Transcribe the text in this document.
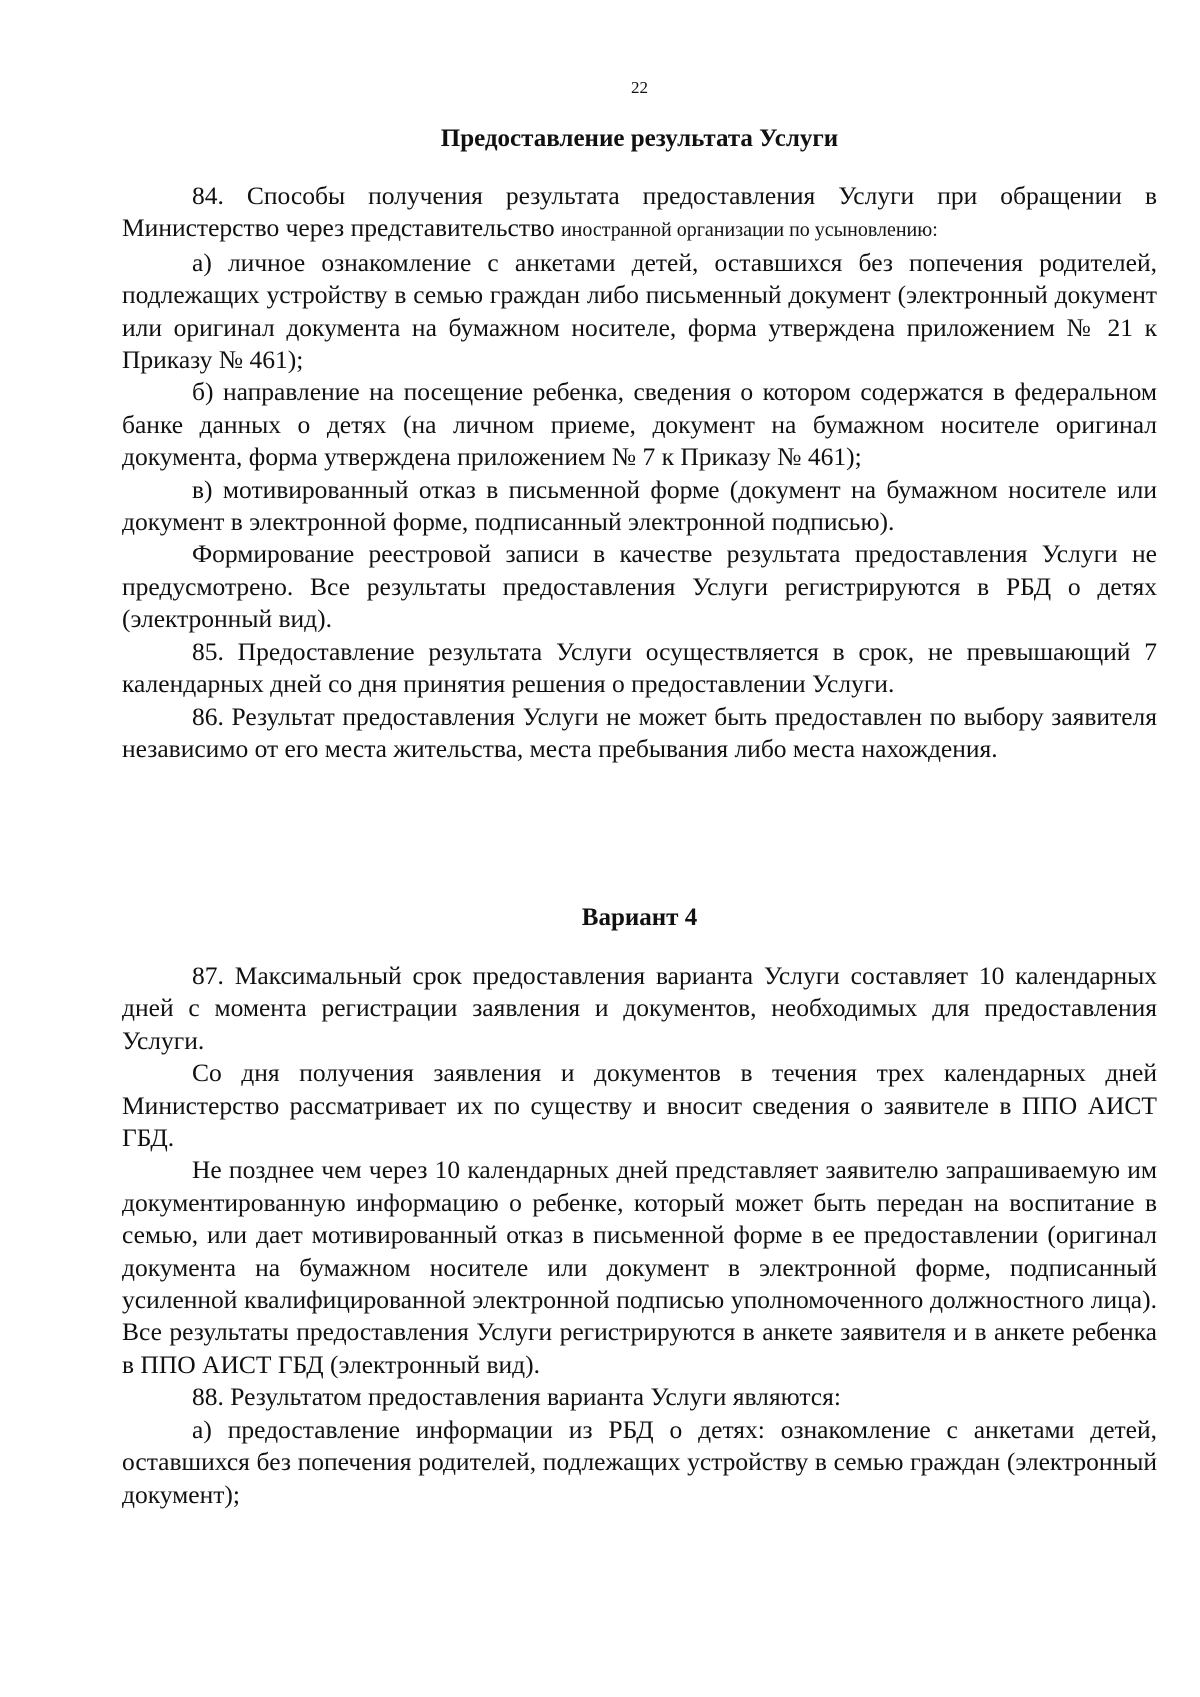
22
Предоставление результата Услуги

84. Способы получения результата предоставления Услуги при обращении в Министерство через представительство иностранной организации по усыновлению:

а) личное ознакомление с анкетами детей, оставшихся без попечения родителей, подлежащих устройству в семью граждан либо письменный документ (электронный документ или оригинал документа на бумажном носителе, форма утверждена приложением № 21 к Приказу № 461);

б) направление на посещение ребенка, сведения о котором содержатся в федеральном банке данных о детях (на личном приеме, документ на бумажном носителе оригинал документа, форма утверждена приложением № 7 к Приказу № 461);

в) мотивированный отказ в письменной форме (документ на бумажном носителе или документ в электронной форме, подписанный электронной подписью).

Формирование реестровой записи в качестве результата предоставления Услуги не предусмотрено. Все результаты предоставления Услуги регистрируются в РБД о детях (электронный вид).

85. Предоставление результата Услуги осуществляется в срок, не превышающий 7 календарных дней со дня принятия решения о предоставлении Услуги.

86. Результат предоставления Услуги не может быть предоставлен по выбору заявителя независимо от его места жительства, места пребывания либо места нахождения.

Вариант 4

87. Максимальный срок предоставления варианта Услуги составляет 10 календарных дней с момента регистрации заявления и документов, необходимых для предоставления Услуги.

Со дня получения заявления и документов в течения трех календарных дней Министерство рассматривает их по существу и вносит сведения о заявителе в ППО АИСТ ГБД.

Не позднее чем через 10 календарных дней представляет заявителю запрашиваемую им документированную информацию о ребенке, который может быть передан на воспитание в семью, или дает мотивированный отказ в письменной форме в ее предоставлении (оригинал документа на бумажном носителе или документ в электронной форме, подписанный усиленной квалифицированной электронной подписью уполномоченного должностного лица). Все результаты предоставления Услуги регистрируются в анкете заявителя и в анкете ребенка в ППО АИСТ ГБД (электронный вид).

88. Результатом предоставления варианта Услуги являются:

а) предоставление информации из РБД о детях: ознакомление с анкетами детей, оставшихся без попечения родителей, подлежащих устройству в семью граждан (электронный документ);
